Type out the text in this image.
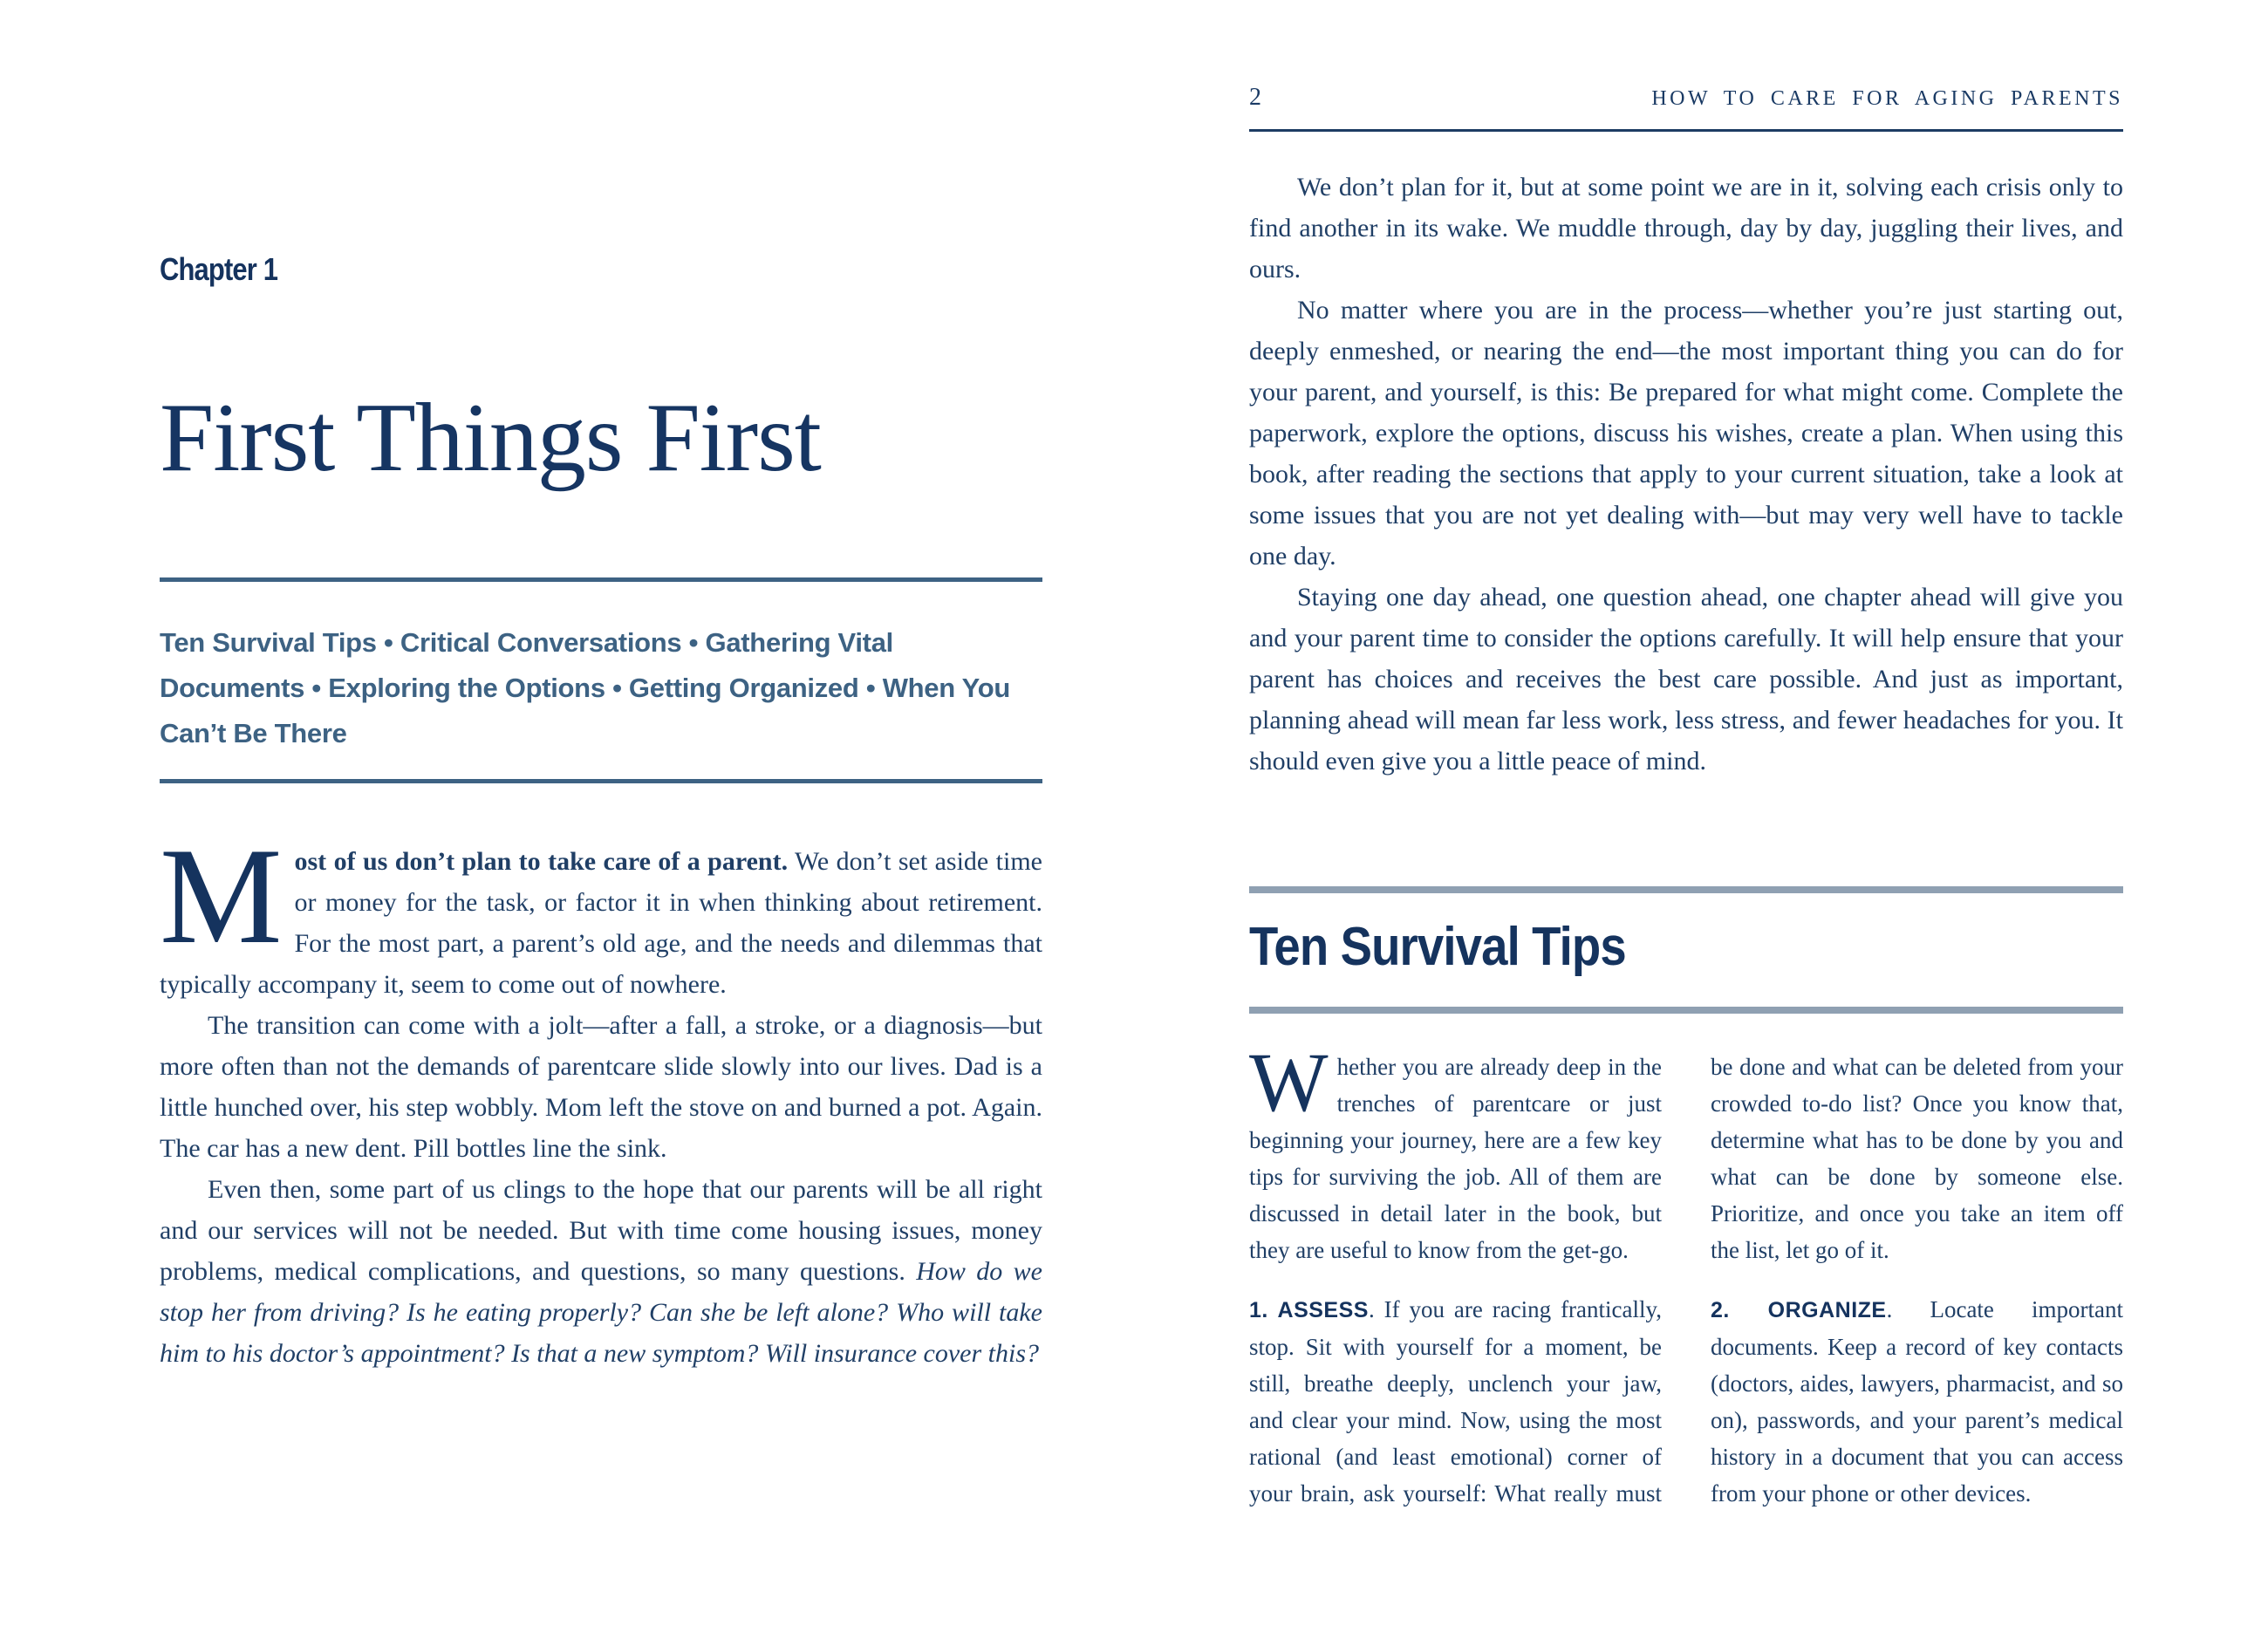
Chapter 1
First Things First
Ten Survival Tips • Critical Conversations • Gathering Vital Documents • Exploring the Options • Getting Organized • When You Can’t Be There

Most of us don’t plan to take care of a parent. We don’t set aside time or money for the task, or factor it in when thinking about retirement. For the most part, a parent’s old age, and the needs and dilemmas that typically accompany it, seem to come out of nowhere.

The transition can come with a jolt—after a fall, a stroke, or a diagnosis—but more often than not the demands of parentcare slide slowly into our lives. Dad is a little hunched over, his step wobbly. Mom left the stove on and burned a pot. Again. The car has a new dent. Pill bottles line the sink.

Even then, some part of us clings to the hope that our parents will be all right and our services will not be needed. But with time come housing issues, money problems, medical complications, and questions, so many questions. How do we stop her from driving? Is he eating properly? Can she be left alone? Who will take him to his doctor’s appointment? Is that a new symptom? Will insurance cover this?

2	HOW TO CARE FOR AGING PARENTS

We don’t plan for it, but at some point we are in it, solving each crisis only to find another in its wake. We muddle through, day by day, juggling their lives, and ours.

No matter where you are in the process—whether you’re just starting out, deeply enmeshed, or nearing the end—the most important thing you can do for your parent, and yourself, is this: Be prepared for what might come. Complete the paperwork, explore the options, discuss his wishes, create a plan. When using this book, after reading the sections that apply to your current situation, take a look at some issues that you are not yet dealing with—but may very well have to tackle one day.

Staying one day ahead, one question ahead, one chapter ahead will give you and your parent time to consider the options carefully. It will help ensure that your parent has choices and receives the best care possible. And just as important, planning ahead will mean far less work, less stress, and fewer headaches for you. It should even give you a little peace of mind.

Ten Survival Tips

Whether you are already deep in the trenches of parentcare or just beginning your journey, here are a few key tips for surviving the job. All of them are discussed in detail later in the book, but they are useful to know from the get-go.

1. ASSESS. If you are racing frantically, stop. Sit with yourself for a moment, be still, breathe deeply, unclench your jaw, and clear your mind. Now, using the most rational (and least emotional) corner of your brain, ask yourself: What really must be done and what can be deleted from your crowded to-do list? Once you know that, determine what has to be done by you and what can be done by someone else. Prioritize, and once you take an item off the list, let go of it.

2. ORGANIZE. Locate important documents. Keep a record of key contacts (doctors, aides, lawyers, pharmacist, and so on), passwords, and your parent’s medical history in a document that you can access from your phone or other devices.
